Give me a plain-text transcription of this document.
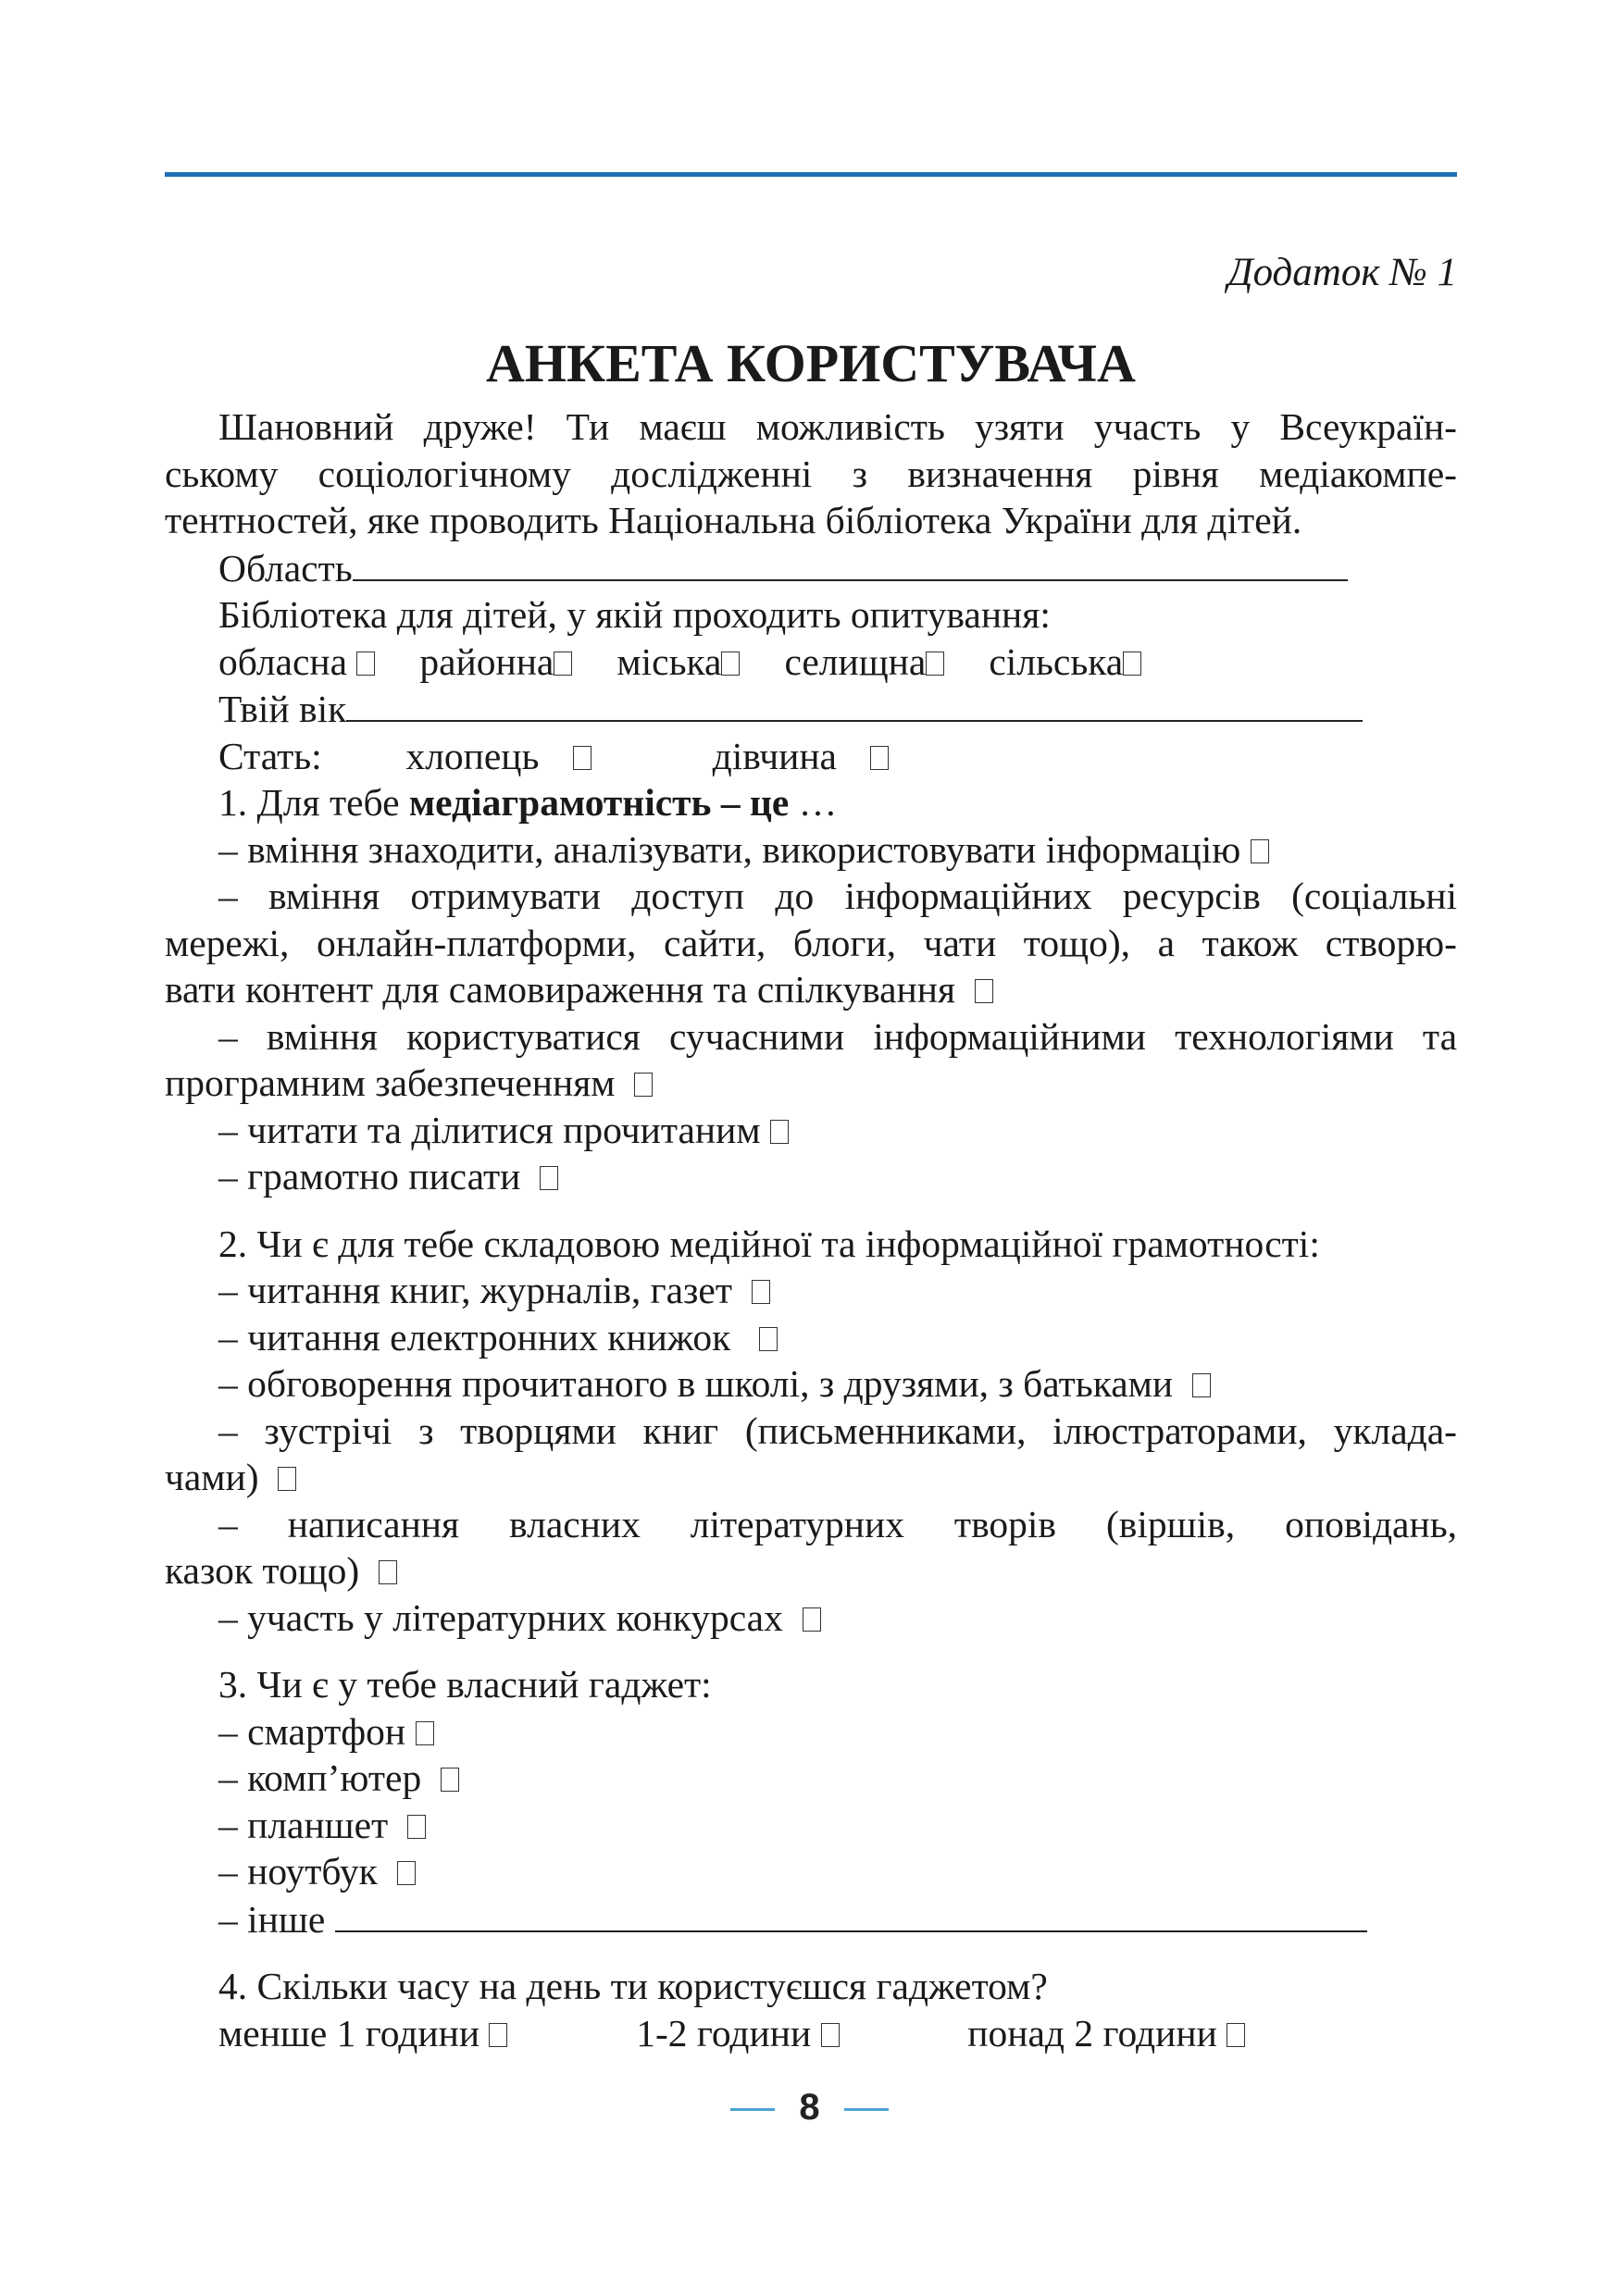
Додаток № 1
АНКЕТА КОРИСТУВАЧА
Шановний друже! Ти маєш можливість узяти участь у Всеукраїн-
ському соціологічному дослідженні з визначення рівня медіакомпе-
тентностей, яке проводить Національна бібліотека України для дітей.
Область
Бібліотека для дітей, у якій проходить опитування:
обласна районна міська селищна сільська
Твій вік
Стать: хлопець	дівчина
1. Для тебе медіаграмотність – це …
– вміння знаходити, аналізувати, використовувати інформацію
– вміння отримувати доступ до інформаційних ресурсів (соціальні
мережі, онлайн-платформи, сайти, блоги, чати тощо), а також створю-
вати контент для самовираження та спілкування
– вміння користуватися сучасними інформаційними технологіями та
програмним забезпеченням
– читати та ділитися прочитаним
– грамотно писати
2. Чи є для тебе складовою медійної та інформаційної грамотності:
– читання книг, журналів, газет
– читання електронних книжок
– обговорення прочитаного в школі, з друзями, з батьками
– зустрічі з творцями книг (письменниками, ілюстраторами, уклада-
чами)
– написання власних літературних творів (віршів, оповідань,
казок тощо)
– участь у літературних конкурсах
3. Чи є у тебе власний гаджет:
– смартфон
– комп’ютер
– планшет
– ноутбук
– інше
4. Скільки часу на день ти користуєшся гаджетом?
менше 1 години	1-2 години	понад 2 години
8
